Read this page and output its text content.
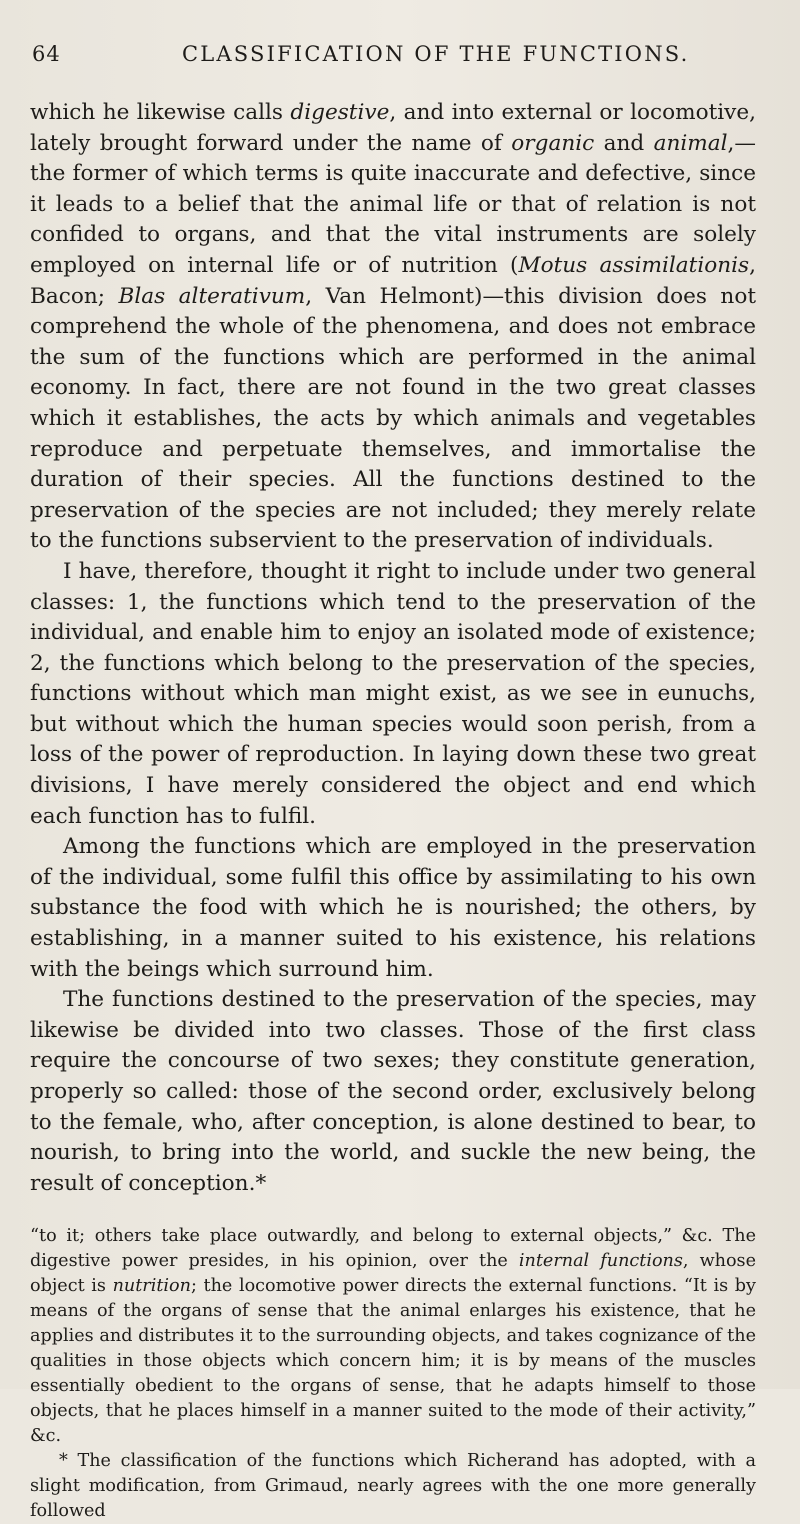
64	CLASSIFICATION OF THE FUNCTIONS.

which he likewise calls digestive, and into external or locomotive, lately brought forward under the name of organic and animal,—the former of which terms is quite inaccurate and defective, since it leads to a belief that the animal life or that of relation is not confided to organs, and that the vital instruments are solely employed on internal life or of nutrition (Motus assimilationis, Bacon; Blas alterativum, Van Helmont)—this division does not comprehend the whole of the phenomena, and does not embrace the sum of the functions which are performed in the animal economy. In fact, there are not found in the two great classes which it establishes, the acts by which animals and vegetables reproduce and perpetuate themselves, and immortalise the duration of their species. All the functions destined to the preservation of the species are not included; they merely relate to the functions subservient to the preservation of individuals.

I have, therefore, thought it right to include under two general classes: 1, the functions which tend to the preservation of the individual, and enable him to enjoy an isolated mode of existence; 2, the functions which belong to the preservation of the species, functions without which man might exist, as we see in eunuchs, but without which the human species would soon perish, from a loss of the power of reproduction. In laying down these two great divisions, I have merely considered the object and end which each function has to fulfil.

Among the functions which are employed in the preservation of the individual, some fulfil this office by assimilating to his own substance the food with which he is nourished; the others, by establishing, in a manner suited to his existence, his relations with the beings which surround him.

The functions destined to the preservation of the species, may likewise be divided into two classes. Those of the first class require the concourse of two sexes; they constitute generation, properly so called: those of the second order, exclusively belong to the female, who, after conception, is alone destined to bear, to nourish, to bring into the world, and suckle the new being, the result of conception.*

“to it; others take place outwardly, and belong to external objects,” &c. The digestive power presides, in his opinion, over the internal functions, whose object is nutrition; the locomotive power directs the external functions. “It is by means of the organs of sense that the animal enlarges his existence, that he applies and distributes it to the surrounding objects, and takes cognizance of the qualities in those objects which concern him; it is by means of the muscles essentially obedient to the organs of sense, that he adapts himself to those objects, that he places himself in a manner suited to the mode of their activity,” &c.

* The classification of the functions which Richerand has adopted, with a slight modification, from Grimaud, nearly agrees with the one more generally followed
